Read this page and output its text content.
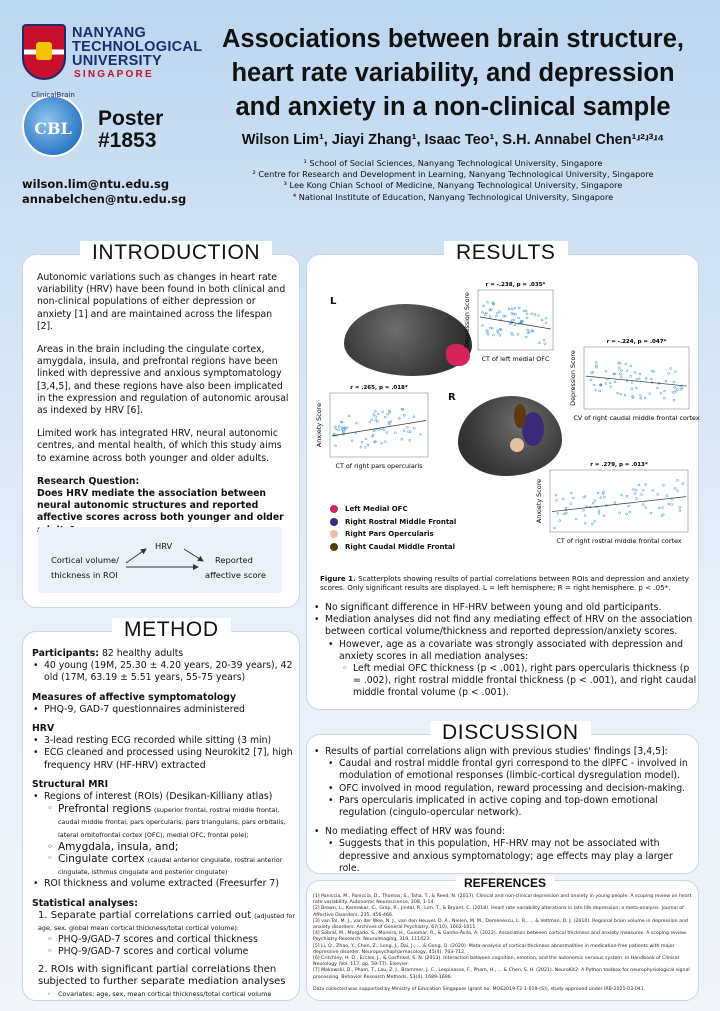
NANYANG
TECHNOLOGICAL
UNIVERSITY
SINGAPORE
ClinicalBrain
CBL	Poster
#1853
wilson.lim@ntu.edu.sg
annabelchen@ntu.edu.sg
Associations between brain structure,
heart rate variability, and depression
and anxiety in a non-clinical sample
Wilson Lim¹, Jiayi Zhang¹, Isaac Teo¹, S.H. Annabel Chen¹ʴ²ʴ³ʴ⁴
¹ School of Social Sciences, Nanyang Technological University, Singapore
² Centre for Research and Development in Learning, Nanyang Technological University, Singapore
³ Lee Kong Chian School of Medicine, Nanyang Technological University, Singapore
⁴ National Institute of Education, Nanyang Technological University, Singapore
INTRODUCTION

Autonomic variations such as changes in heart rate variability (HRV) have been found in both clinical and non-clinical populations of either depression or anxiety [1] and are maintained across the lifespan [2].

Areas in the brain including the cingulate cortex, amygdala, insula, and prefrontal regions have been linked with depressive and anxious symptomatology [3,4,5], and these regions have also been implicated in the expression and regulation of autonomic arousal as indexed by HRV [6].

Limited work has integrated HRV, neural autonomic centres, and mental health, of which this study aims to examine across both younger and older adults.

Research Question:
Does HRV mediate the association between neural autonomic structures and reported affective scores across both younger and older
Cortical volume/
thickness in ROI
HRV
Reported
affective score
METHOD
Participants: 82 healthy adults
• 40 young (19M, 25.30 ± 4.20 years, 20-39 years), 42 old (17M, 63.19 ± 5.51 years, 55-75 years)
Measures of affective symptomatology
• PHQ-9, GAD-7 questionnaires administered
HRV
• 3-lead resting ECG recorded while sitting (3 min)
• ECG cleaned and processed using Neurokit2 [7], high frequency HRV (HF-HRV) extracted
Structural MRI
• Regions of interest (ROIs) (Desikan-Killiany atlas)
◦ Prefrontal regions (superior frontal, rostral middle frontal, caudal middle frontal, pars opercularis, pars triangularis, pars orbitalis, lateral orbitofrontal cortex (OFC), medial OFC, frontal pole);
◦ Amygdala, insula, and;
◦ Cingulate cortex (caudal anterior cingulate, rostral anterior cingulate, isthmus cingulate and posterior cingulate)
• ROI thickness and volume extracted (Freesurfer 7)
Statistical analyses:
1. Separate partial correlations carried out (adjusted for age, sex, global mean cortical thickness/total cortical volume):
◦ PHQ-9/GAD-7 scores and cortical thickness
◦ PHQ-9/GAD-7 scores and cortical volume
2. ROIs with significant partial correlations then subjected to further separate mediation analyses
◦ Covariates: age, sex, mean cortical thickness/total cortical volume
RESULTS
L
R
r = -.238, p = .035*
CT of left medial OFC
Depression Score	r = -.224, p = .047*
CV of right caudal middle frontal cortex
Depression Score
r = .265, p = .018*
CT of right pars opercularis
Anxiety Score
r = .279, p = .013*
CT of right rostral middle frontal cortex
Anxiety Score
Left Medial OFC
Right Rostral Middle Frontal
Right Pars Opercularis
Right Caudal Middle Frontal
Figure 1. Scatterplots showing results of partial correlations between ROIs and depression and anxiety scores. Only significant results are displayed. L = left hemisphere; R = right hemisphere. p < .05*.
• No significant difference in HF-HRV between young and old participants.
• Mediation analyses did not find any mediating effect of HRV on the association between cortical volume/thickness and reported depression/anxiety scores.
• However, age as a covariate was strongly associated with depression and anxiety scores in all mediation analyses:
◦ Left medial OFC thickness (p < .001), right pars opercularis thickness (p = .002), right rostral middle frontal thickness (p < .001), and right caudal middle frontal volume (p < .001).
DISCUSSION
• Results of partial correlations align with previous studies' findings [3,4,5]:
• Caudal and rostral middle frontal gyri correspond to the dlPFC - involved in modulation of emotional responses (limbic-cortical dysregulation model).
• OFC involved in mood regulation, reward processing and decision-making.
• Pars opercularis implicated in active coping and top-down emotional regulation (cingulo-opercular network).
• No mediating effect of HRV was found:
• Suggests that in this population, HF-HRV may not be associated with depressive and anxious symptomatology; age effects may play a larger role.
REFERENCES
[1] Paniccia, M., Paniccia, D., Thomas, S., Taha, T., & Reed, N. (2017). Clinical and non-clinical depression and anxiety in young people: A scoping review on heart rate variability. Autonomic Neuroscience, 208, 1-14.
[2] Brown, L., Karmakar, C., Gray, R., Jindal, R., Lim, T., & Bryant, C. (2018). Heart rate variability alterations in late life depression: a meta-analysis. Journal of Affective Disorders, 235, 456-466.
[3] van Tol, M. J., van der Wee, N. J., van den Heuvel, O. A., Nielen, M. M., Demenescu, L. R., ... & Veltman, D. J. (2010). Regional brain volume in depression and anxiety disorders. Archives of General Psychiatry, 67(10), 1002-1011.
[4] Sobral, M., Morgado, S., Moreira, H., Guiomar, R., & Ganho-Ávila, A. (2022). Association between cortical thickness and anxiety measures: A scoping review. Psychiatry Research: Neuroimaging, 319, 111423.
[5] Li, Q., Zhao, Y., Chen, Z., Long, J., Dai, J., ... & Gong, Q. (2020). Meta-analysis of cortical thickness abnormalities in medication-free patients with major depressive disorder. Neuropsychopharmacology, 45(4), 703-712.
[6] Critchley, H. D., Eccles, J., & Garfinkel, S. N. (2013). Interaction between cognition, emotion, and the autonomic nervous system. In Handbook of Clinical Neurology (Vol. 117, pp. 59-77). Elsevier.
[7] Makowski, D., Pham, T., Lau, Z. J., Brammer, J. C., Lespinasse, F., Pham, H., ... & Chen, S. H. (2021). NeuroKit2: A Python toolbox for neurophysiological signal processing. Behavior Research Methods, 53(4), 1689-1696.
Data collected was supported by Ministry of Education Singapore (grant no: MOE2019-T2-1-019-(S)), study approved under IRB-2021-03-041.
